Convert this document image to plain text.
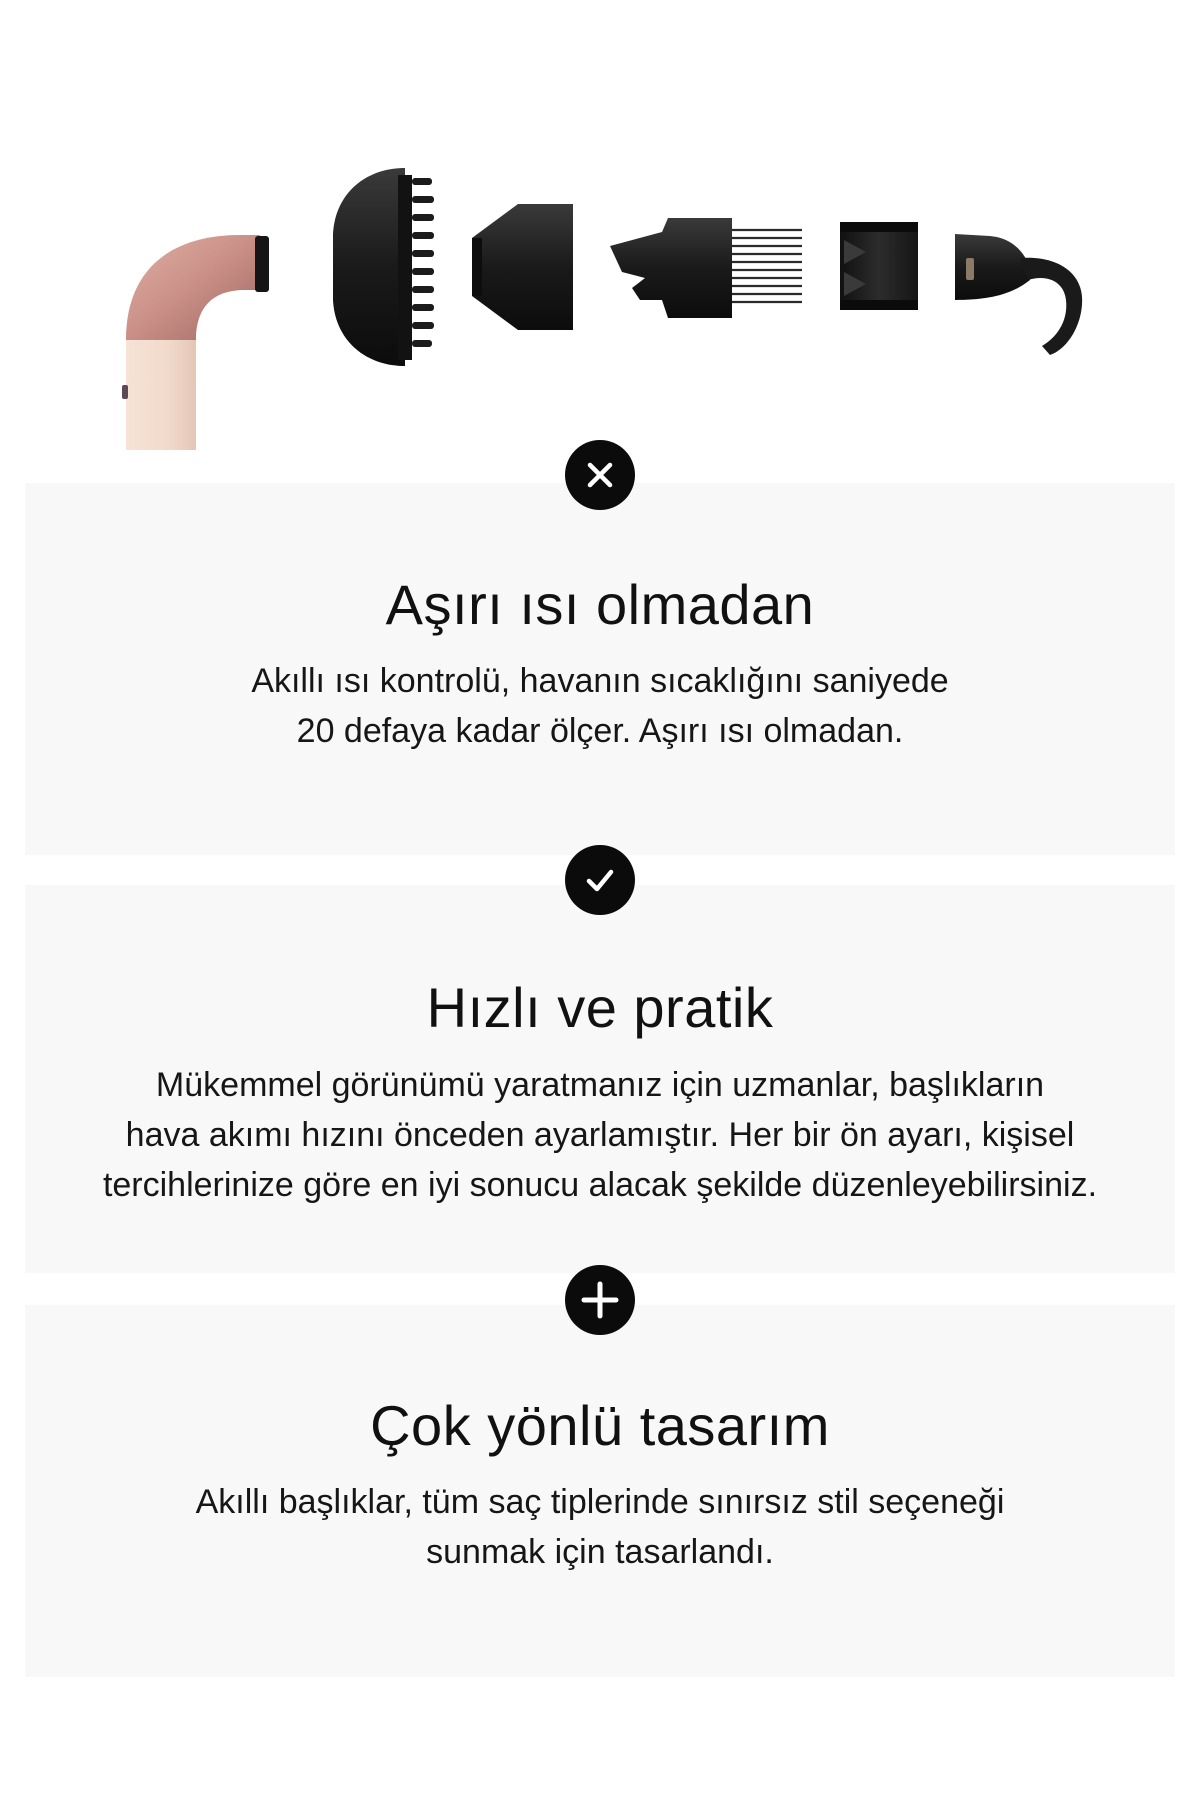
Aşırı ısı olmadan

Akıllı ısı kontrolü, havanın sıcaklığını saniyede
20 defaya kadar ölçer. Aşırı ısı olmadan.

Hızlı ve pratik

Mükemmel görünümü yaratmanız için uzmanlar, başlıkların
hava akımı hızını önceden ayarlamıştır. Her bir ön ayarı, kişisel
tercihlerinize göre en iyi sonucu alacak şekilde düzenleyebilirsiniz.

Çok yönlü tasarım

Akıllı başlıklar, tüm saç tiplerinde sınırsız stil seçeneği
sunmak için tasarlandı.
